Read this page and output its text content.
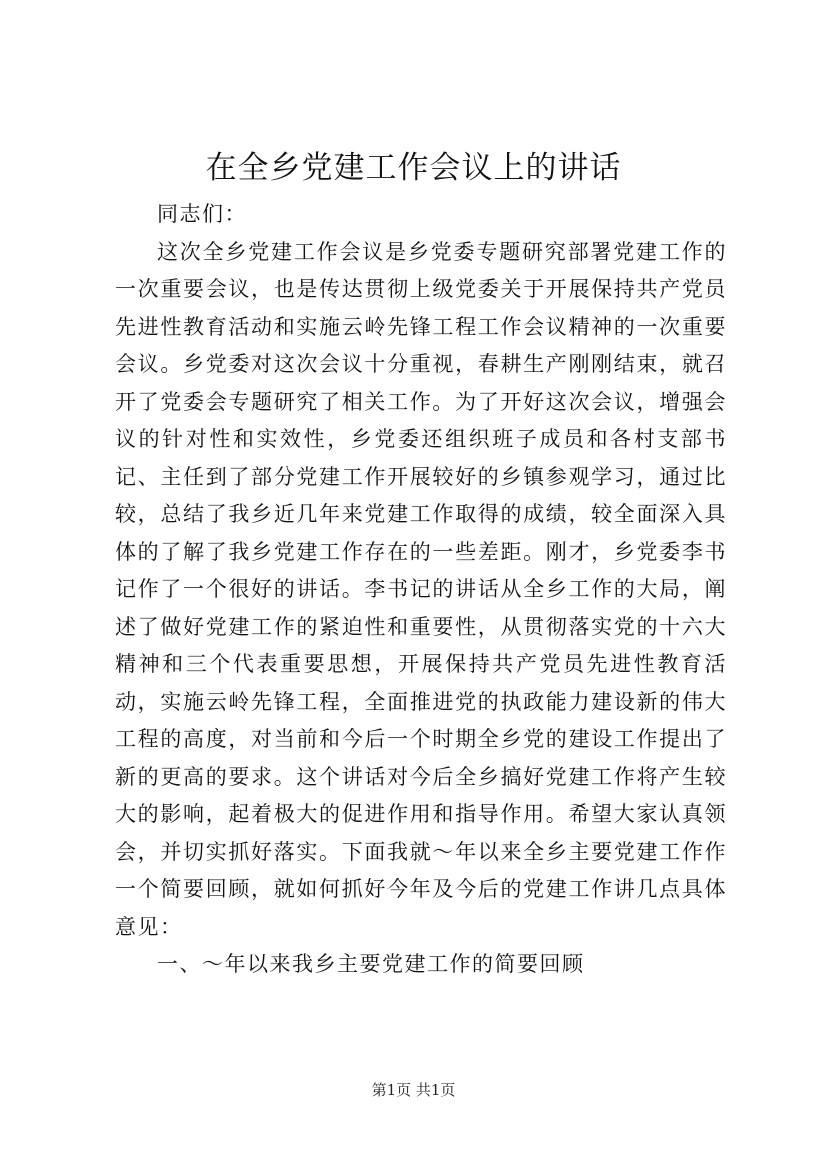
在全乡党建工作会议上的讲话

同志们：

这次全乡党建工作会议是乡党委专题研究部署党建工作的一次重要会议，也是传达贯彻上级党委关于开展保持共产党员先进性教育活动和实施云岭先锋工程工作会议精神的一次重要会议。乡党委对这次会议十分重视，春耕生产刚刚结束，就召开了党委会专题研究了相关工作。为了开好这次会议，增强会议的针对性和实效性，乡党委还组织班子成员和各村支部书记、主任到了部分党建工作开展较好的乡镇参观学习，通过比较，总结了我乡近几年来党建工作取得的成绩，较全面深入具体的了解了我乡党建工作存在的一些差距。刚才，乡党委李书记作了一个很好的讲话。李书记的讲话从全乡工作的大局，阐述了做好党建工作的紧迫性和重要性，从贯彻落实党的十六大精神和三个代表重要思想，开展保持共产党员先进性教育活动，实施云岭先锋工程，全面推进党的执政能力建设新的伟大工程的高度，对当前和今后一个时期全乡党的建设工作提出了新的更高的要求。这个讲话对今后全乡搞好党建工作将产生较大的影响，起着极大的促进作用和指导作用。希望大家认真领会，并切实抓好落实。下面我就～年以来全乡主要党建工作作一个简要回顾，就如何抓好今年及今后的党建工作讲几点具体意见：

一、～年以来我乡主要党建工作的简要回顾

第1页 共1页
